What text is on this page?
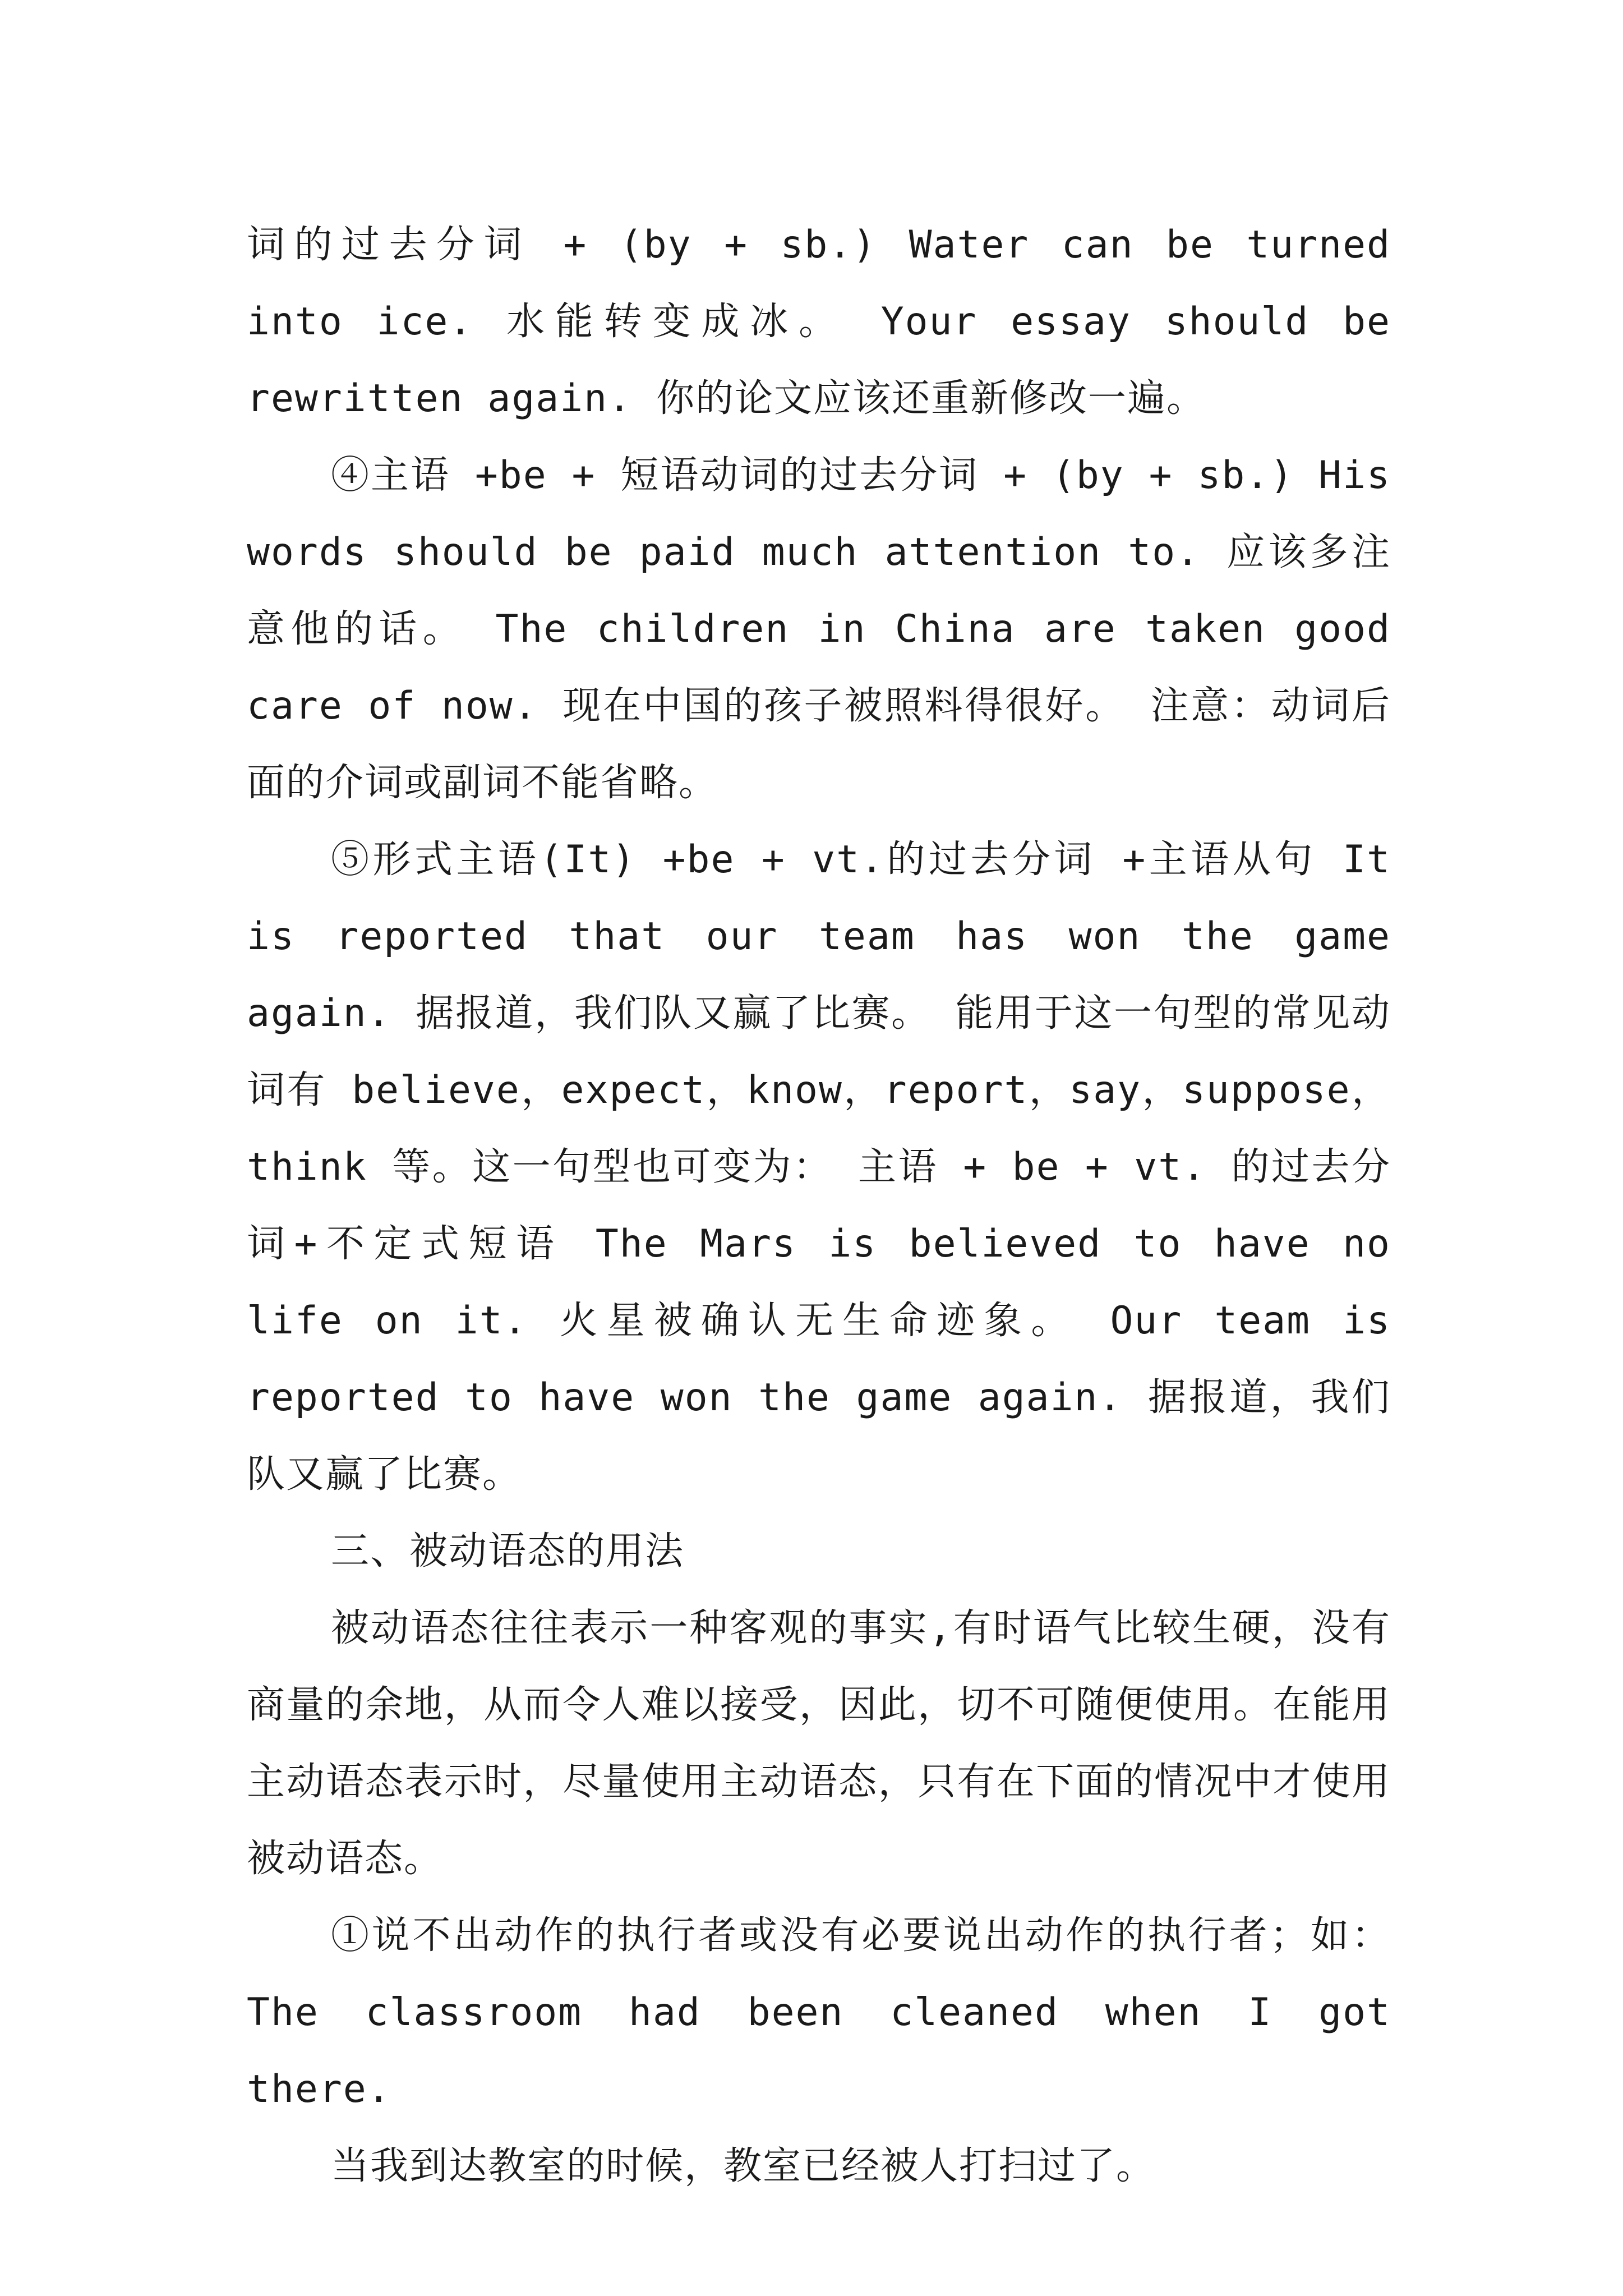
词的过去分词 + (by + sb.) Water can be turned into ice. 水能转变成冰。 Your essay should be rewritten again. 你的论文应该还重新修改一遍。

④主语 +be + 短语动词的过去分词 + (by + sb.) His words should be paid much attention to. 应该多注意他的话。 The children in China are taken good care of now. 现在中国的孩子被照料得很好。 注意：动词后面的介词或副词不能省略。

⑤形式主语(It) +be + vt.的过去分词 +主语从句 It is reported that our team has won the game again. 据报道，我们队又赢了比赛。 能用于这一句型的常见动词有 believe，expect，know，report，say，suppose，think 等。这一句型也可变为： 主语 + be + vt. 的过去分词+不定式短语 The Mars is believed to have no life on it. 火星被确认无生命迹象。 Our team is reported to have won the game again. 据报道，我们队又赢了比赛。

三、被动语态的用法

被动语态往往表示一种客观的事实,有时语气比较生硬，没有商量的余地，从而令人难以接受，因此，切不可随便使用。在能用主动语态表示时，尽量使用主动语态，只有在下面的情况中才使用被动语态。

①说不出动作的执行者或没有必要说出动作的执行者；如：The classroom had been cleaned when I got there.

当我到达教室的时候，教室已经被人打扫过了。
